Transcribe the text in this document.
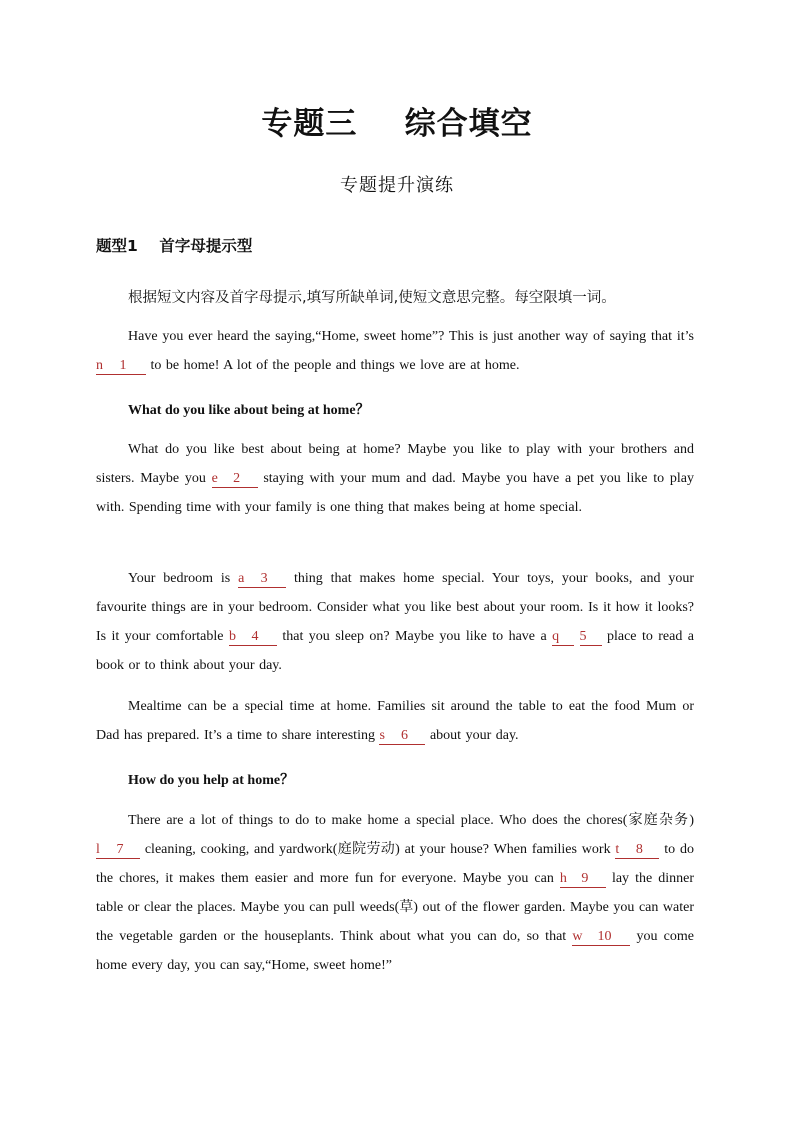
专题三    综合填空
专题提升演练
题型1    首字母提示型
根据短文内容及首字母提示,填写所缺单词,使短文意思完整。每空限填一词。
Have you ever heard the saying,“Home, sweet home”? This is just another way of saying that it’s n 1 to be home! A lot of the people and things we love are at home.
What do you like about being at home？
What do you like best about being at home? Maybe you like to play with your brothers and sisters. Maybe you e 2 staying with your mum and dad. Maybe you have a pet you like to play with. Spending time with your family is one thing that makes being at home special.
Your bedroom is a 3 thing that makes home special. Your toys, your books, and your favourite things are in your bedroom. Consider what you like best about your room. Is it how it looks? Is it your comfortable b 4 that you sleep on? Maybe you like to have a q 5 place to read a book or to think about your day.
Mealtime can be a special time at home. Families sit around the table to eat the food Mum or Dad has prepared. It’s a time to share interesting s 6 about your day.
How do you help at home？
There are a lot of things to do to make home a special place. Who does the chores(家庭杂务) l 7 cleaning, cooking, and yardwork(庭院劳动) at your house? When families work t 8 to do the chores, it makes them easier and more fun for everyone. Maybe you can h 9 lay the dinner table or clear the places. Maybe you can pull weeds(草) out of the flower garden. Maybe you can water the vegetable garden or the houseplants. Think about what you can do, so that w 10 you come home every day, you can say,“Home, sweet home!”
